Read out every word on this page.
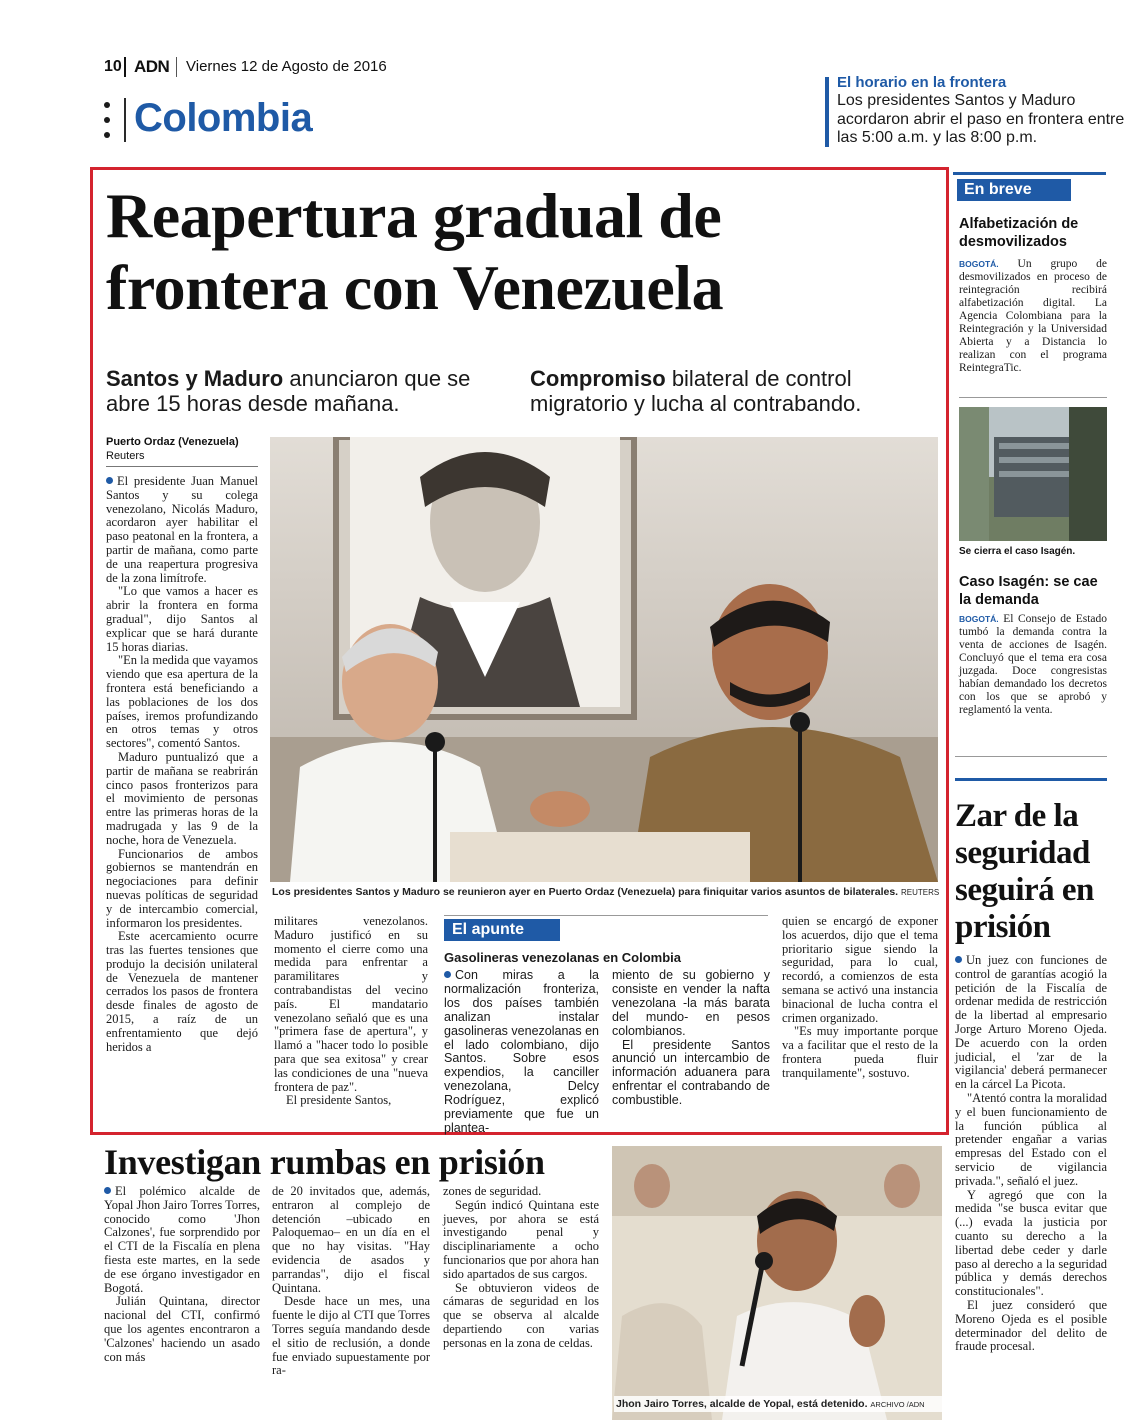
10 ADN Viernes 12 de Agosto de 2016
Colombia
El horario en la frontera
Los presidentes Santos y Maduro acordaron abrir el paso en frontera entre las 5:00 a.m. y las 8:00 p.m.
Reapertura gradual de frontera con Venezuela
Santos y Maduro anunciaron que se abre 15 horas desde mañana.
Compromiso bilateral de control migratorio y lucha al contrabando.
Puerto Ordaz (Venezuela)
Reuters

El presidente Juan Manuel Santos y su colega venezolano, Nicolás Maduro, acordaron ayer habilitar el paso peatonal en la frontera, a partir de mañana, como parte de una reapertura progresiva de la zona limítrofe.

"Lo que vamos a hacer es abrir la frontera en forma gradual", dijo Santos al explicar que se hará durante 15 horas diarias.

"En la medida que vayamos viendo que esa apertura de la frontera está beneficiando a las poblaciones de los dos países, iremos profundizando en otros temas y otros sectores", comentó Santos.

Maduro puntualizó que a partir de mañana se reabrirán cinco pasos fronterizos para el movimiento de personas entre las primeras horas de la madrugada y las 9 de la noche, hora de Venezuela.

Funcionarios de ambos gobiernos se mantendrán en negociaciones para definir nuevas políticas de seguridad y de intercambio comercial, informaron los presidentes.

Este acercamiento ocurre tras las fuertes tensiones que produjo la decisión unilateral de Venezuela de mantener cerrados los pasos de frontera desde finales de agosto de 2015, a raíz de un enfrentamiento que dejó heridos a

Los presidentes Santos y Maduro se reunieron ayer en Puerto Ordaz (Venezuela) para finiquitar varios asuntos de bilaterales. REUTERS

militares venezolanos. Maduro justificó en su momento el cierre como una medida para enfrentar a paramilitares y contrabandistas del vecino país. El mandatario venezolano señaló que es una "primera fase de apertura", y llamó a "hacer todo lo posible para que sea exitosa" y crear las condiciones de una "nueva frontera de paz".

El presidente Santos,

El apunte
Gasolineras venezolanas en Colombia

Con miras a la normalización fronteriza, los dos países también analizan instalar gasolineras venezolanas en el lado colombiano, dijo Santos. Sobre esos expendios, la canciller venezolana, Delcy Rodríguez, explicó previamente que fue un plantea-

miento de su gobierno y consiste en vender la nafta venezolana -la más barata del mundo- en pesos colombianos.

El presidente Santos anunció un intercambio de información aduanera para enfrentar el contrabando de combustible.

quien se encargó de exponer los acuerdos, dijo que el tema prioritario sigue siendo la seguridad, para lo cual, recordó, a comienzos de esta semana se activó una instancia binacional de lucha contra el crimen organizado.

"Es muy importante porque va a facilitar que el resto de la frontera pueda fluir tranquilamente", sostuvo.

En breve
Alfabetización de desmovilizados
BOGOTÁ. Un grupo de desmovilizados en proceso de reintegración recibirá alfabetización digital. La Agencia Colombiana para la Reintegración y la Universidad Abierta y a Distancia lo realizan con el programa ReintegraTic.
Se cierra el caso Isagén.
Caso Isagén: se cae la demanda
BOGOTÁ. El Consejo de Estado tumbó la demanda contra la venta de acciones de Isagén. Concluyó que el tema era cosa juzgada. Doce congresistas habían demandado los decretos con los que se aprobó y reglamentó la venta.
Zar de la seguridad seguirá en prisión

Un juez con funciones de control de garantías acogió la petición de la Fiscalía de ordenar medida de restricción de la libertad al empresario Jorge Arturo Moreno Ojeda. De acuerdo con la orden judicial, el 'zar de la vigilancia' deberá permanecer en la cárcel La Picota.

"Atentó contra la moralidad y el buen funcionamiento de la función pública al pretender engañar a varias empresas del Estado con el servicio de vigilancia privada.", señaló el juez.

Y agregó que con la medida "se busca evitar que (...) evada la justicia por cuanto su derecho a la libertad debe ceder y darle paso al derecho a la seguridad pública y demás derechos constitucionales".

El juez consideró que Moreno Ojeda es el posible determinador del delito de fraude procesal.

Investigan rumbas en prisión

El polémico alcalde de Yopal Jhon Jairo Torres Torres, conocido como 'Jhon Calzones', fue sorprendido por el CTI de la Fiscalía en plena fiesta este martes, en la sede de ese órgano investigador en Bogotá.

Julián Quintana, director nacional del CTI, confirmó que los agentes encontraron a 'Calzones' haciendo un asado con más

de 20 invitados que, además, entraron al complejo de detención –ubicado en Paloquemao– en un día en el que no hay visitas. "Hay evidencia de asados y parrandas", dijo el fiscal Quintana.

Desde hace un mes, una fuente le dijo al CTI que Torres Torres seguía mandando desde el sitio de reclusión, a donde fue enviado supuestamente por ra-

zones de seguridad.

Según indicó Quintana este jueves, por ahora se está investigando penal y disciplinariamente a ocho funcionarios que por ahora han sido apartados de sus cargos.

Se obtuvieron videos de cámaras de seguridad en los que se observa al alcalde departiendo con varias personas en la zona de celdas.

Jhon Jairo Torres, alcalde de Yopal, está detenido. ARCHIVO /ADN
